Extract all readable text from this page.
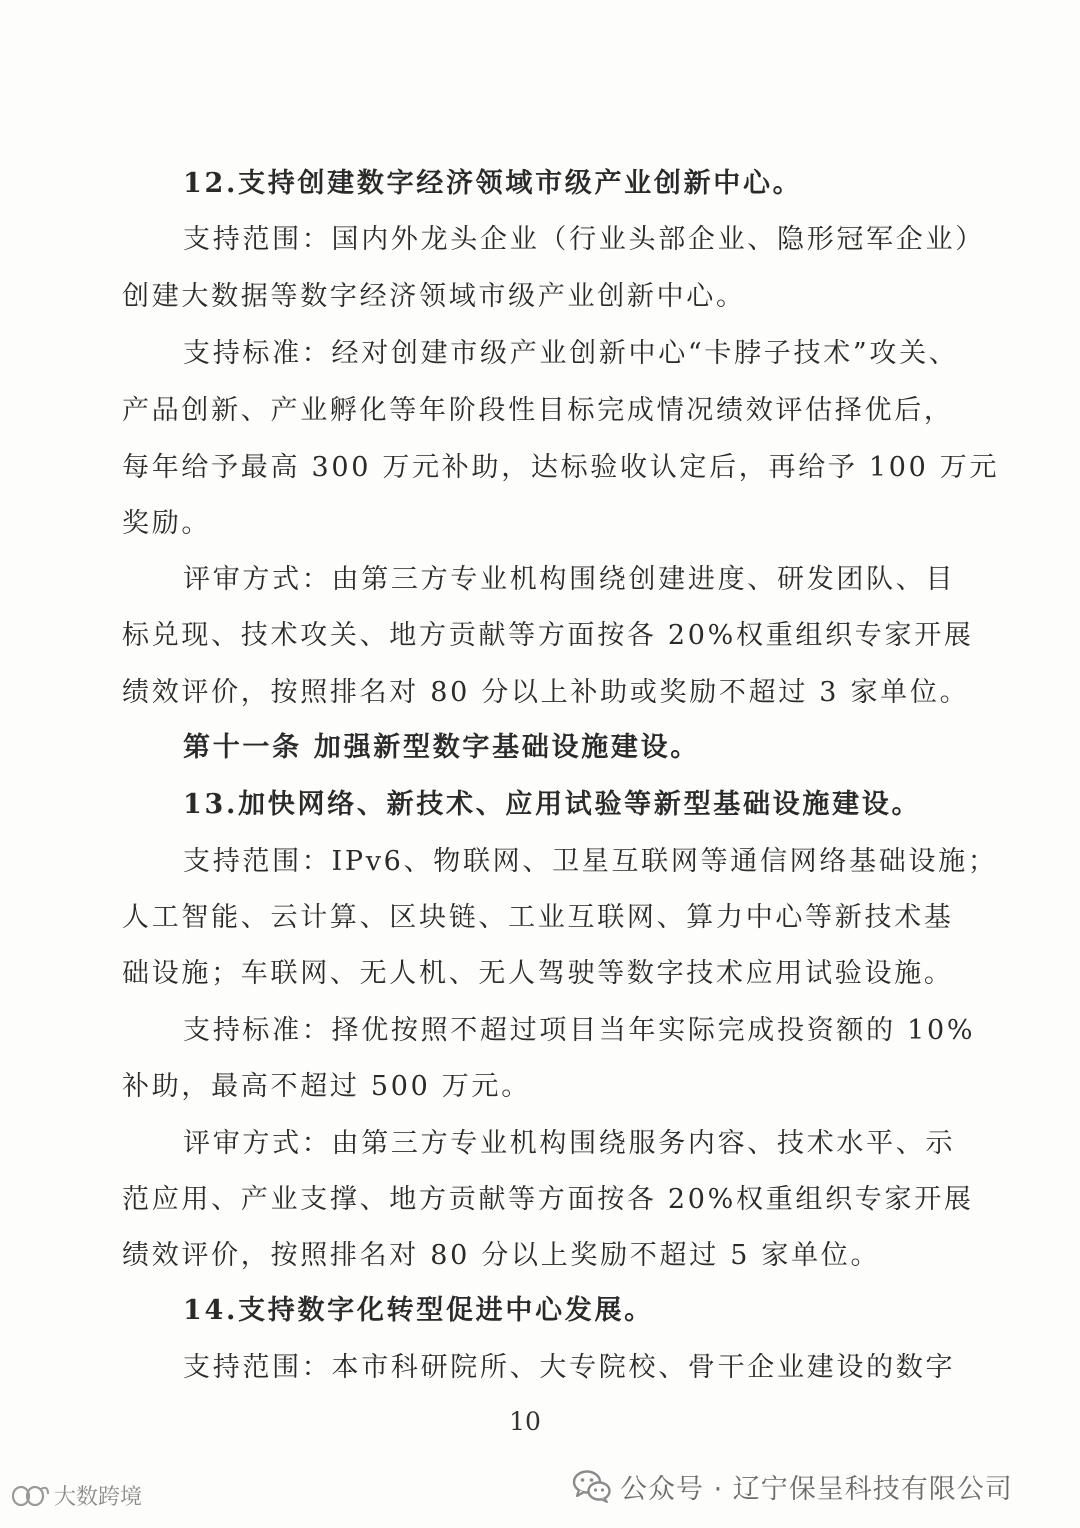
12.支持创建数字经济领域市级产业创新中心。
支持范围：国内外龙头企业（行业头部企业、隐形冠军企业）
创建大数据等数字经济领域市级产业创新中心。
支持标准：经对创建市级产业创新中心“卡脖子技术”攻关、
产品创新、产业孵化等年阶段性目标完成情况绩效评估择优后，
每年给予最高 300 万元补助，达标验收认定后，再给予 100 万元
奖励。
评审方式：由第三方专业机构围绕创建进度、研发团队、目
标兑现、技术攻关、地方贡献等方面按各 20%权重组织专家开展
绩效评价，按照排名对 80 分以上补助或奖励不超过 3 家单位。
第十一条 加强新型数字基础设施建设。
13.加快网络、新技术、应用试验等新型基础设施建设。
支持范围：IPv6、物联网、卫星互联网等通信网络基础设施；
人工智能、云计算、区块链、工业互联网、算力中心等新技术基
础设施；车联网、无人机、无人驾驶等数字技术应用试验设施。
支持标准：择优按照不超过项目当年实际完成投资额的 10%
补助，最高不超过 500 万元。
评审方式：由第三方专业机构围绕服务内容、技术水平、示
范应用、产业支撑、地方贡献等方面按各 20%权重组织专家开展
绩效评价，按照排名对 80 分以上奖励不超过 5 家单位。
14.支持数字化转型促进中心发展。
支持范围：本市科研院所、大专院校、骨干企业建设的数字
10
公众号 · 辽宁保呈科技有限公司
大数跨境
